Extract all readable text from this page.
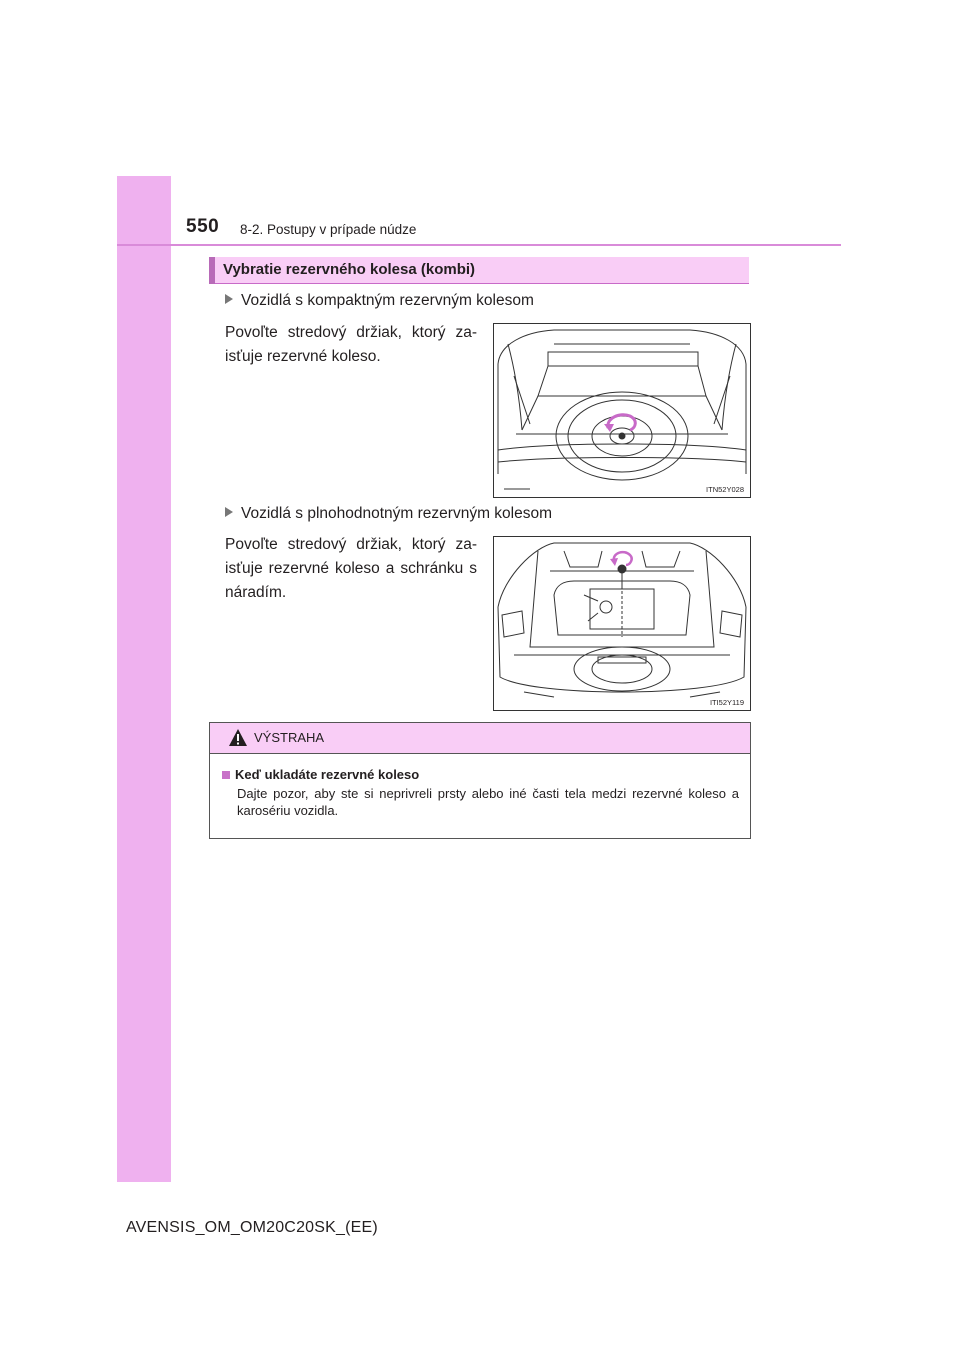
550 8-2. Postupy v prípade núdze
Vybratie rezervného kolesa (kombi)
Vozidlá s kompaktným rezervným kolesom
Povoľte stredový držiak, ktorý za-isťuje rezervné koleso.
ITN52Y028
Vozidlá s plnohodnotným rezervným kolesom
Povoľte stredový držiak, ktorý za-isťuje rezervné koleso a schránku s náradím.
ITI52Y119
VÝSTRAHA
Keď ukladáte rezervné koleso
Dajte pozor, aby ste si neprivreli prsty alebo iné časti tela medzi rezervné koleso a karosériu vozidla.
AVENSIS_OM_OM20C20SK_(EE)
